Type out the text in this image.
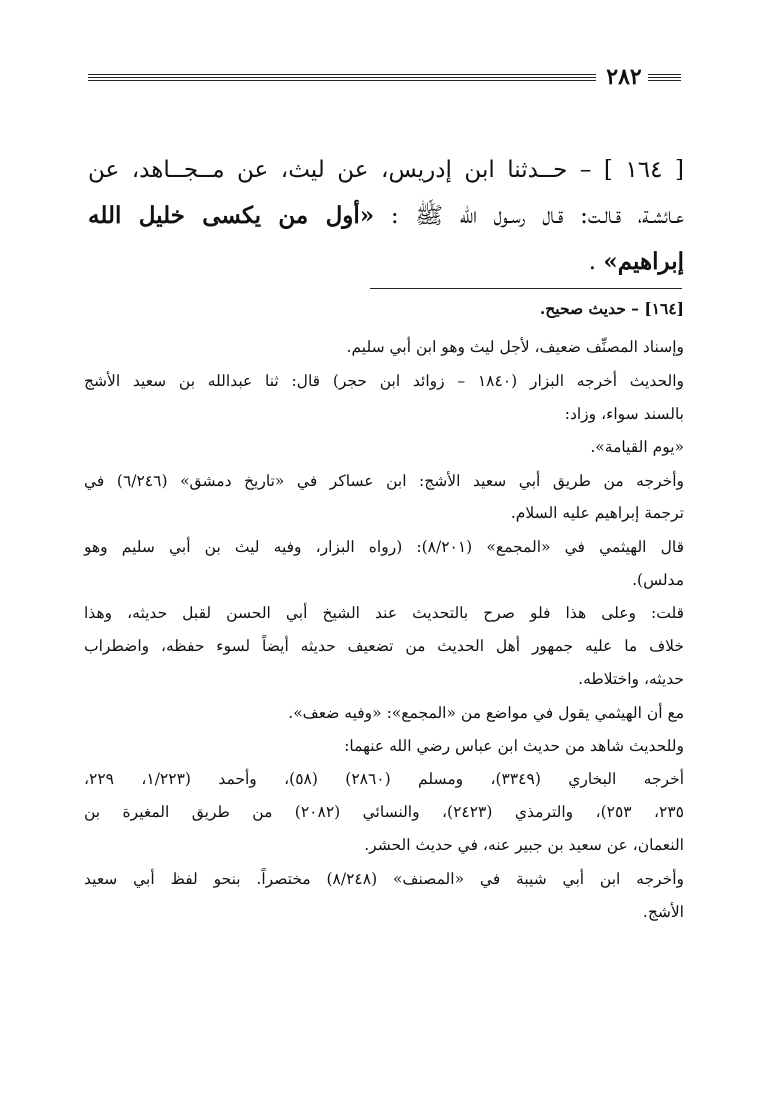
٢٨٢
[ ١٦٤ ] – حــدثنا ابن إدريس، عن ليث، عن مــجــاهد، عن
عـائشـة، قـالـت: قـال رسـول الله ﷺ : «أول من يكسى خليل الله
إبراهيم» .
[١٦٤] – حديث صحيح.
وإسناد المصنِّف ضعيف، لأجل ليث وهو ابن أبي سليم.
والحديث أخرجه البزار (١٨٤٠ – زوائد ابن حجر) قال: ثنا عبدالله بن سعيد الأشج
بالسند سواء، وزاد:
«يوم القيامة».
وأخرجه من طريق أبي سعيد الأشج: ابن عساكر في «تاريخ دمشق» (٦/٢٤٦) في
ترجمة إبراهيم عليه السلام.
قال الهيثمي في «المجمع» (٨/٢٠١): (رواه البزار، وفيه ليث بن أبي سليم وهو
مدلس).
قلت: وعلى هذا فلو صرح بالتحديث عند الشيخ أبي الحسن لقبل حديثه، وهذا
خلاف ما عليه جمهور أهل الحديث من تضعيف حديثه أيضاً لسوء حفظه، واضطراب
حديثه، واختلاطه.
مع أن الهيثمي يقول في مواضع من «المجمع»: «وفيه ضعف».
وللحديث شاهد من حديث ابن عباس رضي الله عنهما:
أخرجه البخاري (٣٣٤٩)، ومسلم (٢٨٦٠) (٥٨)، وأحمد (١/٢٢٣، ٢٢٩،
٢٣٥، ٢٥٣)، والترمذي (٢٤٢٣)، والنسائي (٢٠٨٢) من طريق المغيرة بن
النعمان، عن سعيد بن جبير عنه، في حديث الحشر.
وأخرجه ابن أبي شيبة في «المصنف» (٨/٢٤٨) مختصراً. بنحو لفظ أبي سعيد
الأشج.
